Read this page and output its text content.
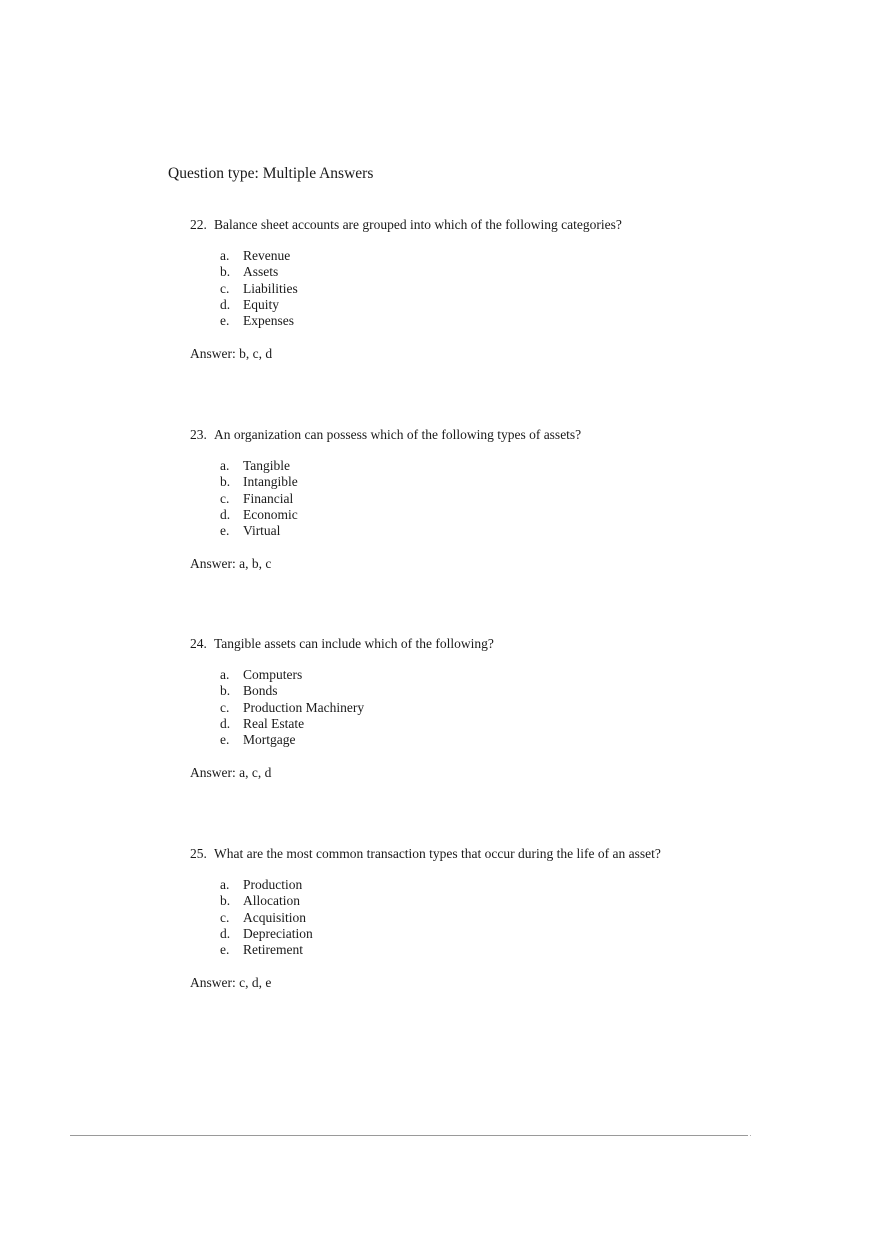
Question type: Multiple Answers

22. Balance sheet accounts are grouped into which of the following categories?

a. Revenue
b. Assets
c. Liabilities
d. Equity
e. Expenses

Answer: b, c, d

23. An organization can possess which of the following types of assets?

a. Tangible
b. Intangible
c. Financial
d. Economic
e. Virtual

Answer: a, b, c

24. Tangible assets can include which of the following?

a. Computers
b. Bonds
c. Production Machinery
d. Real Estate
e. Mortgage

Answer: a, c, d

25. What are the most common transaction types that occur during the life of an asset?

a. Production
b. Allocation
c. Acquisition
d. Depreciation
e. Retirement

Answer: c, d, e
